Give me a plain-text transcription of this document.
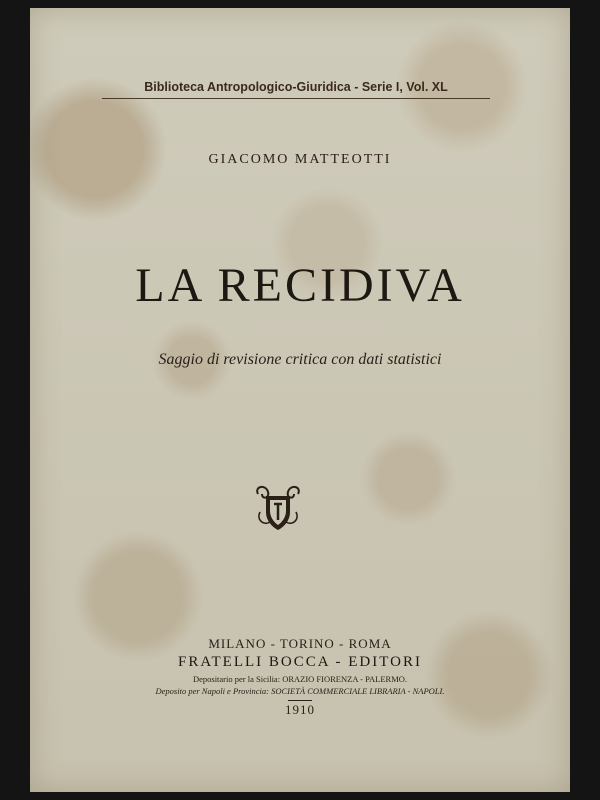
Biblioteca Antropologico-Giuridica - Serie I, Vol. XL
GIACOMO MATTEOTTI
LA RECIDIVA
Saggio di revisione critica con dati statistici
MILANO - TORINO - ROMA
FRATELLI BOCCA - EDITORI
Depositario per la Sicilia: ORAZIO FIORENZA - PALERMO.
Deposito per Napoli e Provincia: SOCIETÀ COMMERCIALE LIBRARIA - NAPOLI.
1910
